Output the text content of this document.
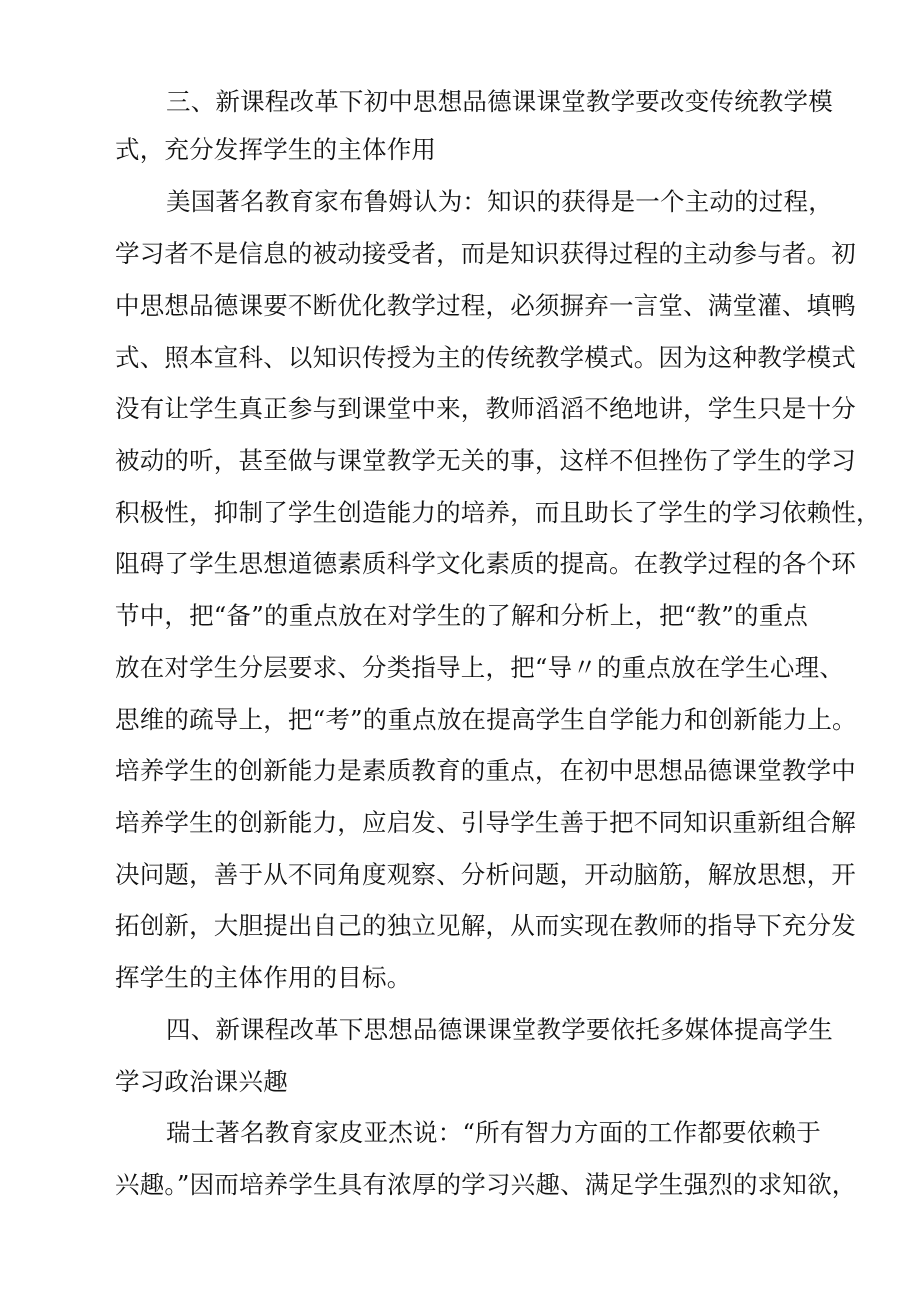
三、新课程改革下初中思想品德课课堂教学要改变传统教学模
式，充分发挥学生的主体作用
美国著名教育家布鲁姆认为：知识的获得是一个主动的过程，
学习者不是信息的被动接受者，而是知识获得过程的主动参与者。初
中思想品德课要不断优化教学过程，必须摒弃一言堂、满堂灌、填鸭
式、照本宣科、以知识传授为主的传统教学模式。因为这种教学模式
没有让学生真正参与到课堂中来，教师滔滔不绝地讲，学生只是十分
被动的听，甚至做与课堂教学无关的事，这样不但挫伤了学生的学习
积极性，抑制了学生创造能力的培养，而且助长了学生的学习依赖性，
阻碍了学生思想道德素质科学文化素质的提高。在教学过程的各个环
节中，把“备”的重点放在对学生的了解和分析上，把“教”的重点
放在对学生分层要求、分类指导上，把“导〃的重点放在学生心理、
思维的疏导上，把“考”的重点放在提高学生自学能力和创新能力上。
培养学生的创新能力是素质教育的重点，在初中思想品德课堂教学中
培养学生的创新能力，应启发、引导学生善于把不同知识重新组合解
决问题，善于从不同角度观察、分析问题，开动脑筋，解放思想，开
拓创新，大胆提出自己的独立见解，从而实现在教师的指导下充分发
挥学生的主体作用的目标。
四、新课程改革下思想品德课课堂教学要依托多媒体提高学生
学习政治课兴趣
瑞士著名教育家皮亚杰说：“所有智力方面的工作都要依赖于
兴趣。”因而培养学生具有浓厚的学习兴趣、满足学生强烈的求知欲，
